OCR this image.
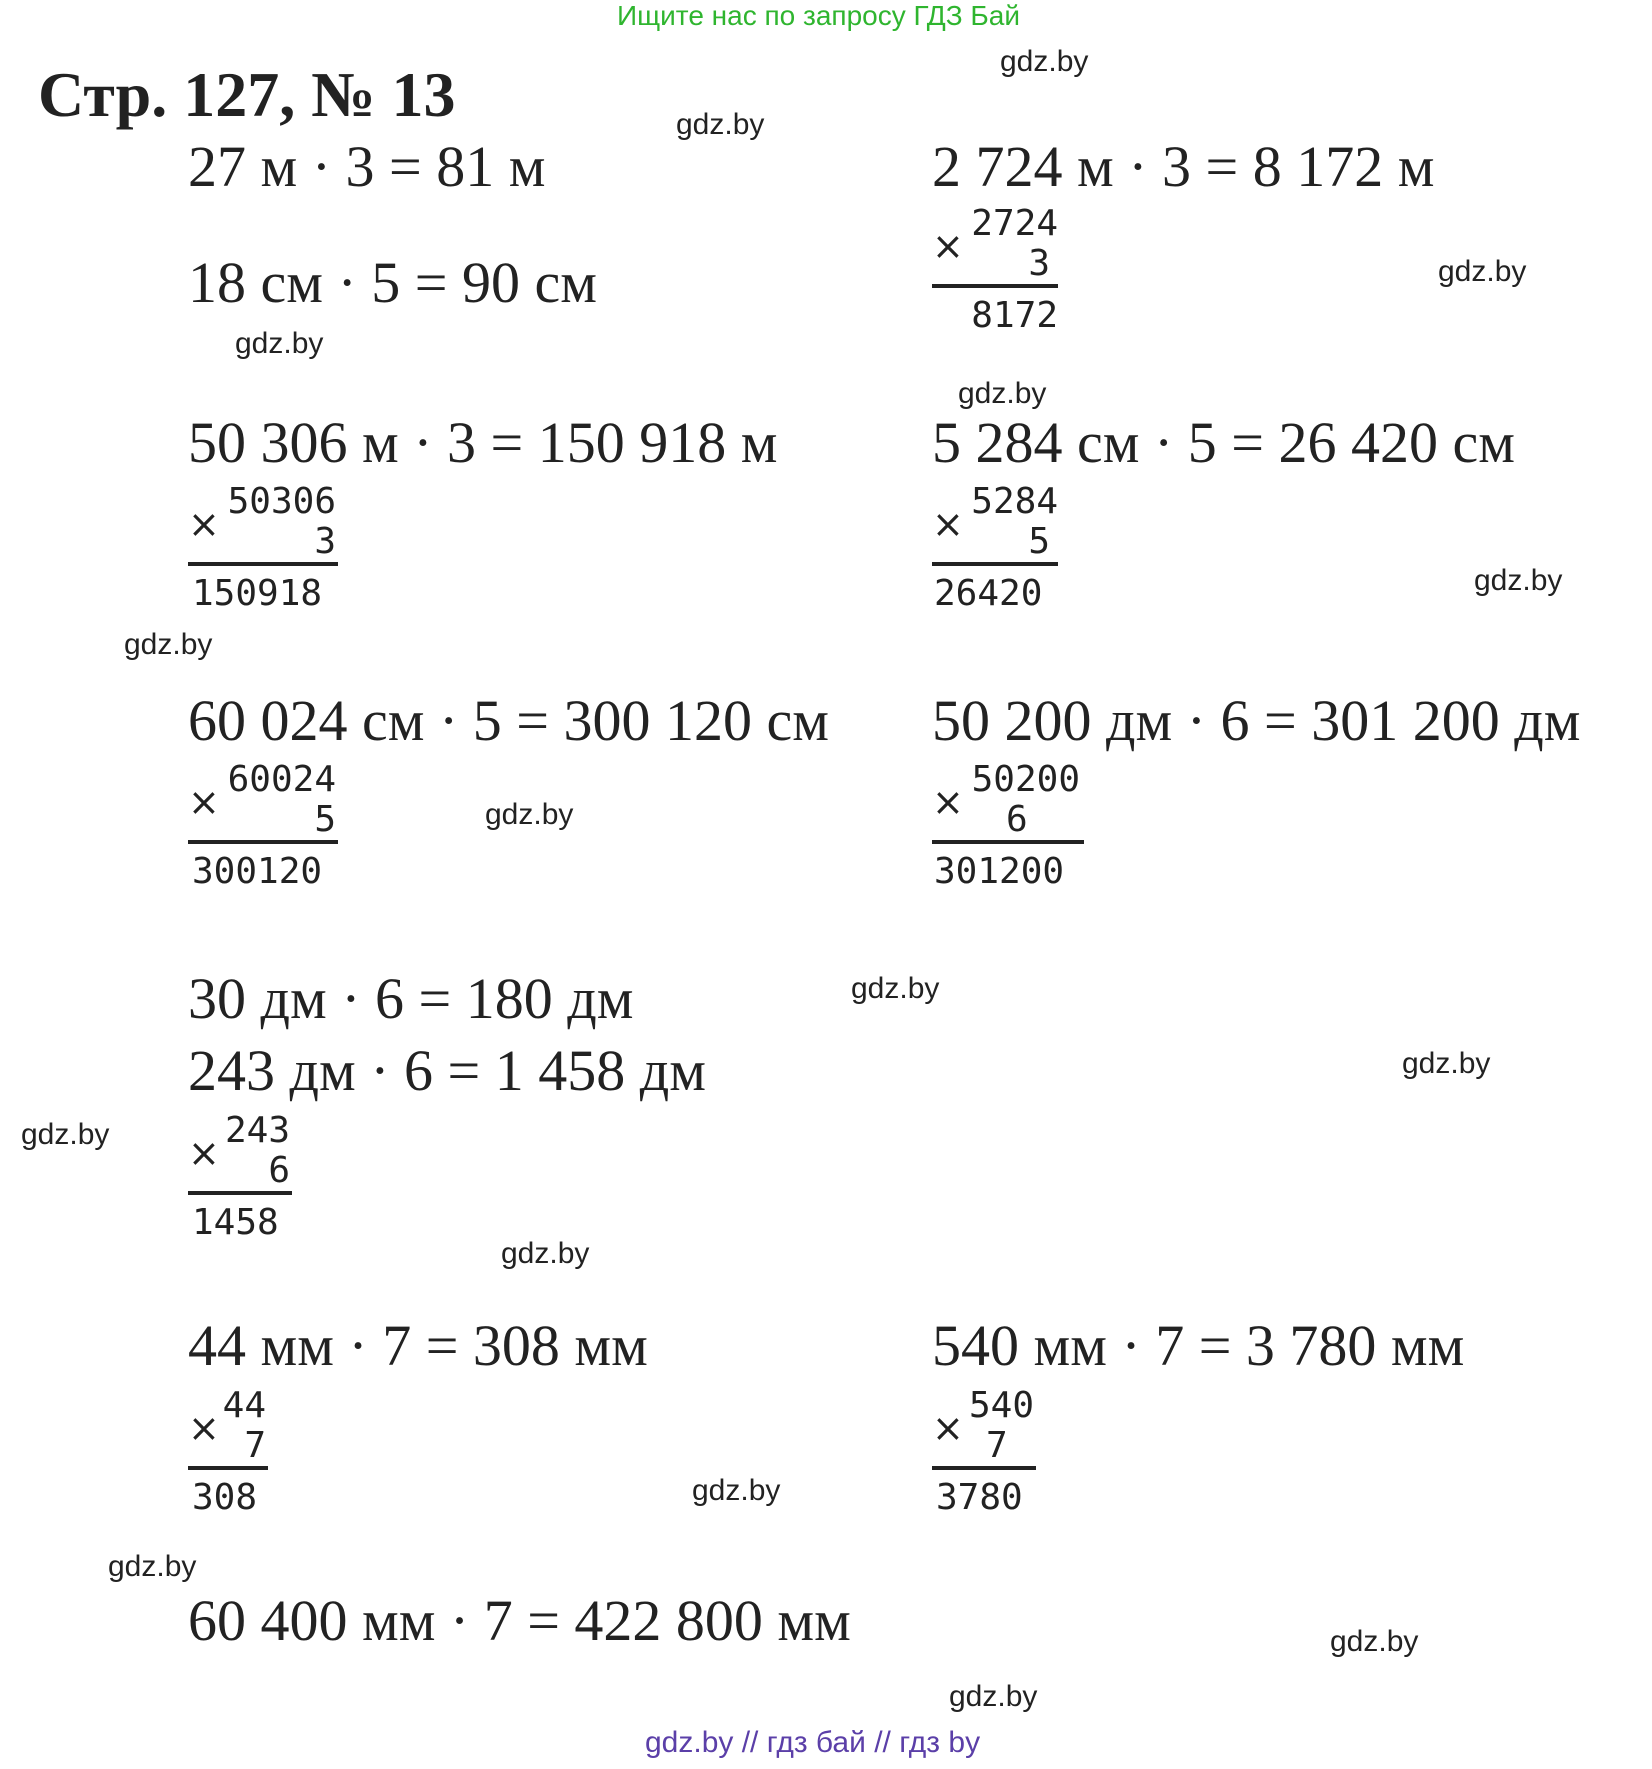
Ищите нас по запросу ГДЗ Бай
Стр. 127, № 13	gdz.by
gdz.by
gdz.by
gdz.by
gdz.by
gdz.by
gdz.by
gdz.by
gdz.by
gdz.by
gdz.by
gdz.by
gdz.by
gdz.by
gdz.by
gdz.by
27 м · 3 = 81 м
18 см · 5 = 90 см
2 724 м · 3 = 8 172 м
50 306 м · 3 = 150 918 м	5 284 см · 5 = 26 420 см
60 024 см · 5 = 300 120 см 50 200 дм · 6 = 301 200 дм
30 дм · 6 = 180 дм
243 дм · 6 = 1 458 дм
44 мм · 7 = 308 мм	540 мм · 7 = 3 780 мм
60 400 мм · 7 = 422 800 мм
×
2724
3
8172
×
50306
3
150918
×
5284
5
26420
×
60024
5
300120
×
50200
6
301200
×
243
6
1458
×
44
7
308
×
540
7
3780
gdz.by // гдз бай // гдз by
